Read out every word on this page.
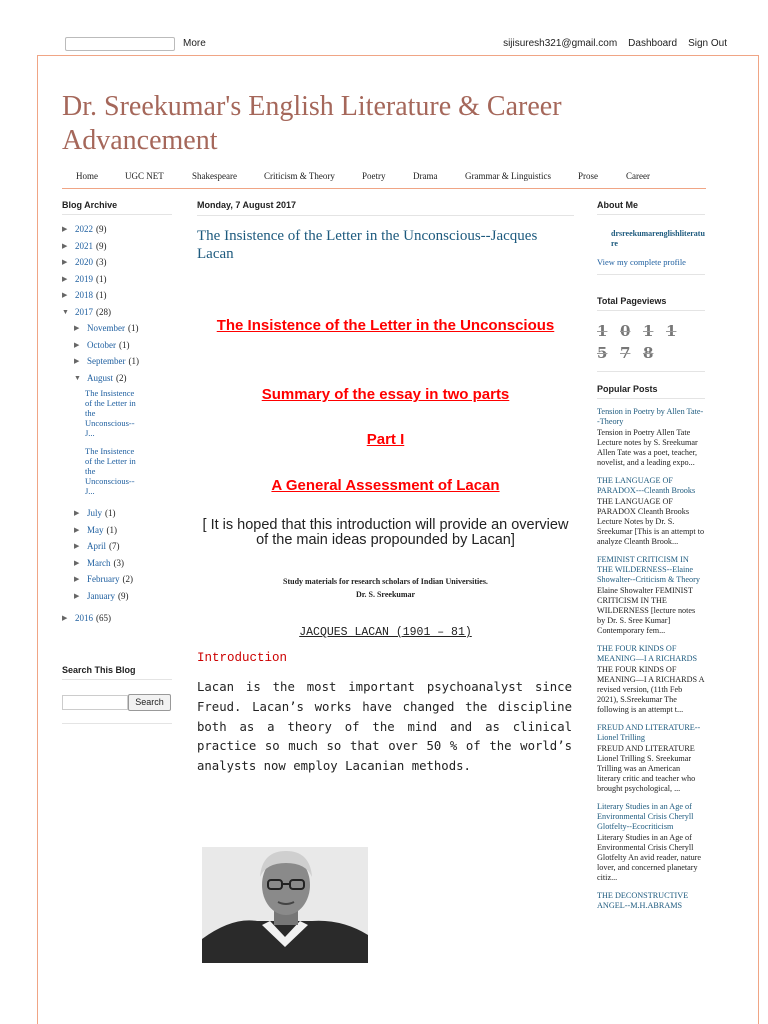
More	sijisuresh321@gmail.com Dashboard Sign Out
Dr. Sreekumar's English Literature & Career Advancement
Home	UGC NET	Shakespeare	Criticism & Theory	Poetry	Drama	Grammar & Linguistics	Prose	Career
Blog Archive
▶ 2022 (9)
▶ 2021 (9)
▶ 2020 (3)
▶ 2019 (1)
▶ 2018 (1)
▼ 2017 (28)
▶ November (1)
▶ October (1)
▶ September (1)
▼ August (2)
The Insistence of the Letter in the Unconscious--J...
The Insistence of the Letter in the Unconscious--J...
▶ July (1)
▶ May (1)
▶ April (7)
▶ March (3)
▶ February (2)
▶ January (9)
▶ 2016 (65)
Search This Blog
Search
Monday, 7 August 2017
The Insistence of the Letter in the Unconscious--Jacques Lacan
The Insistence of the Letter in the Unconscious
Summary of the essay in two parts
Part I
A General Assessment of Lacan
[ It is hoped that this introduction will provide an overview of the main ideas propounded by Lacan]
Study materials for research scholars of Indian Universities.
Dr. S. Sreekumar
JACQUES LACAN (1901 – 81)
Introduction
Lacan is the most important psychoanalyst since Freud. Lacan’s works have changed the discipline both as a theory of the mind and as clinical practice so much so that over 50 % of the world’s analysts now employ Lacanian methods.
About Me
drsreekumarenglishliterature
View my complete profile
Total Pageviews
1 0 1 1
5 7 8
Popular Posts
Tension in Poetry by Allen Tate--Theory
Tension in Poetry Allen Tate Lecture notes by S. Sreekumar Allen Tate was a poet, teacher, novelist, and a leading expo...
THE LANGUAGE OF PARADOX---Cleanth Brooks
THE LANGUAGE OF PARADOX Cleanth Brooks Lecture Notes by Dr. S. Sreekumar [This is an attempt to analyze Cleanth Brook...
FEMINIST CRITICISM IN THE WILDERNESS--Elaine Showalter--Criticism & Theory
Elaine Showalter FEMINIST CRITICISM IN THE WILDERNESS [lecture notes by Dr. S. Sree Kumar] Contemporary fem...
THE FOUR KINDS OF MEANING—I A RICHARDS
THE FOUR KINDS OF MEANING—I A RICHARDS A revised version, (11th Feb 2021), S.Sreekumar The following is an attempt t...
FREUD AND LITERATURE--Lionel Trilling
FREUD AND LITERATURE Lionel Trilling S. Sreekumar Trilling was an American literary critic and teacher who brought psychological, ...
Literary Studies in an Age of Environmental Crisis Cheryll Glotfelty--Ecocriticism
Literary Studies in an Age of Environmental Crisis Cheryll Glotfelty An avid reader, nature lover, and concerned planetary citiz...
THE DECONSTRUCTIVE ANGEL--M.H.ABRAMS
